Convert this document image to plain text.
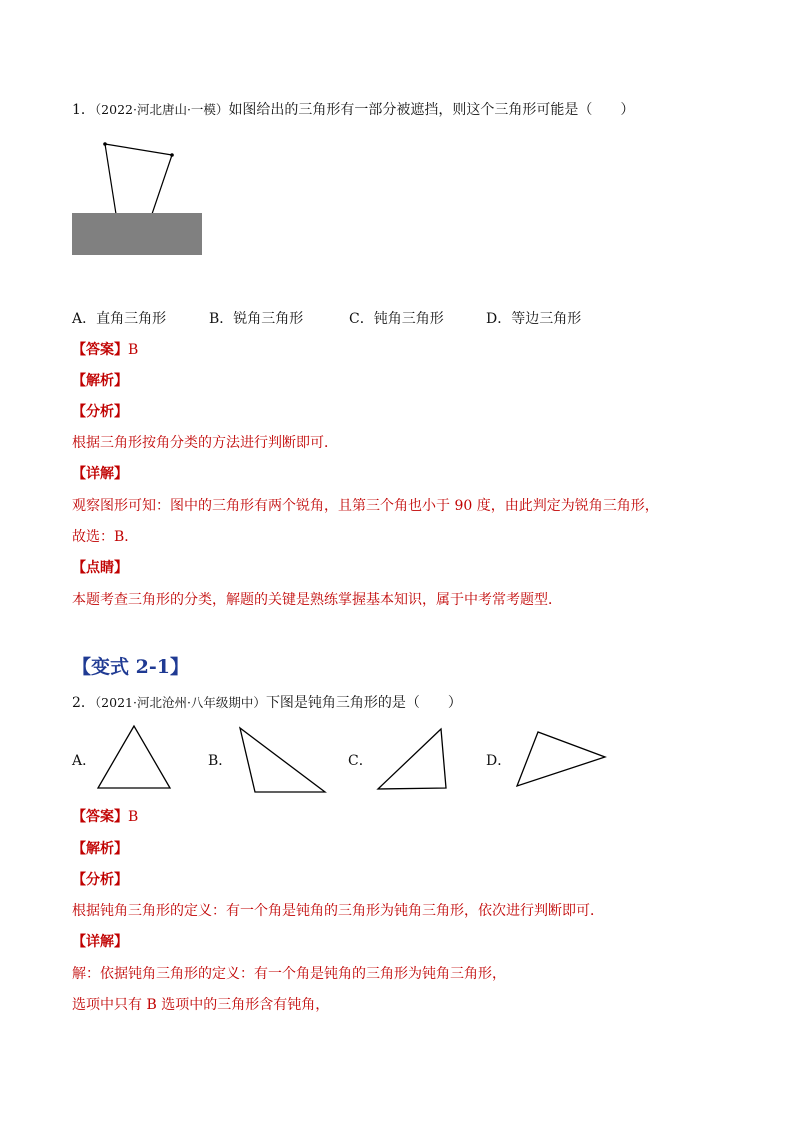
1．（2022·河北唐山·一模）如图给出的三角形有一部分被遮挡，则这个三角形可能是（　　）
A．直角三角形	B．锐角三角形	C．钝角三角形	D．等边三角形
【答案】B
【解析】
【分析】
根据三角形按角分类的方法进行判断即可．
【详解】
观察图形可知：图中的三角形有两个锐角，且第三个角也小于 90 度，由此判定为锐角三角形，
故选：B．
【点睛】
本题考查三角形的分类，解题的关键是熟练掌握基本知识，属于中考常考题型．
【变式 2-1】
2．（2021·河北沧州·八年级期中）下图是钝角三角形的是（　　）
A．	B．	C．	D．
【答案】B
【解析】
【分析】
根据钝角三角形的定义：有一个角是钝角的三角形为钝角三角形，依次进行判断即可．
【详解】
解：依据钝角三角形的定义：有一个角是钝角的三角形为钝角三角形，
选项中只有 B 选项中的三角形含有钝角，
